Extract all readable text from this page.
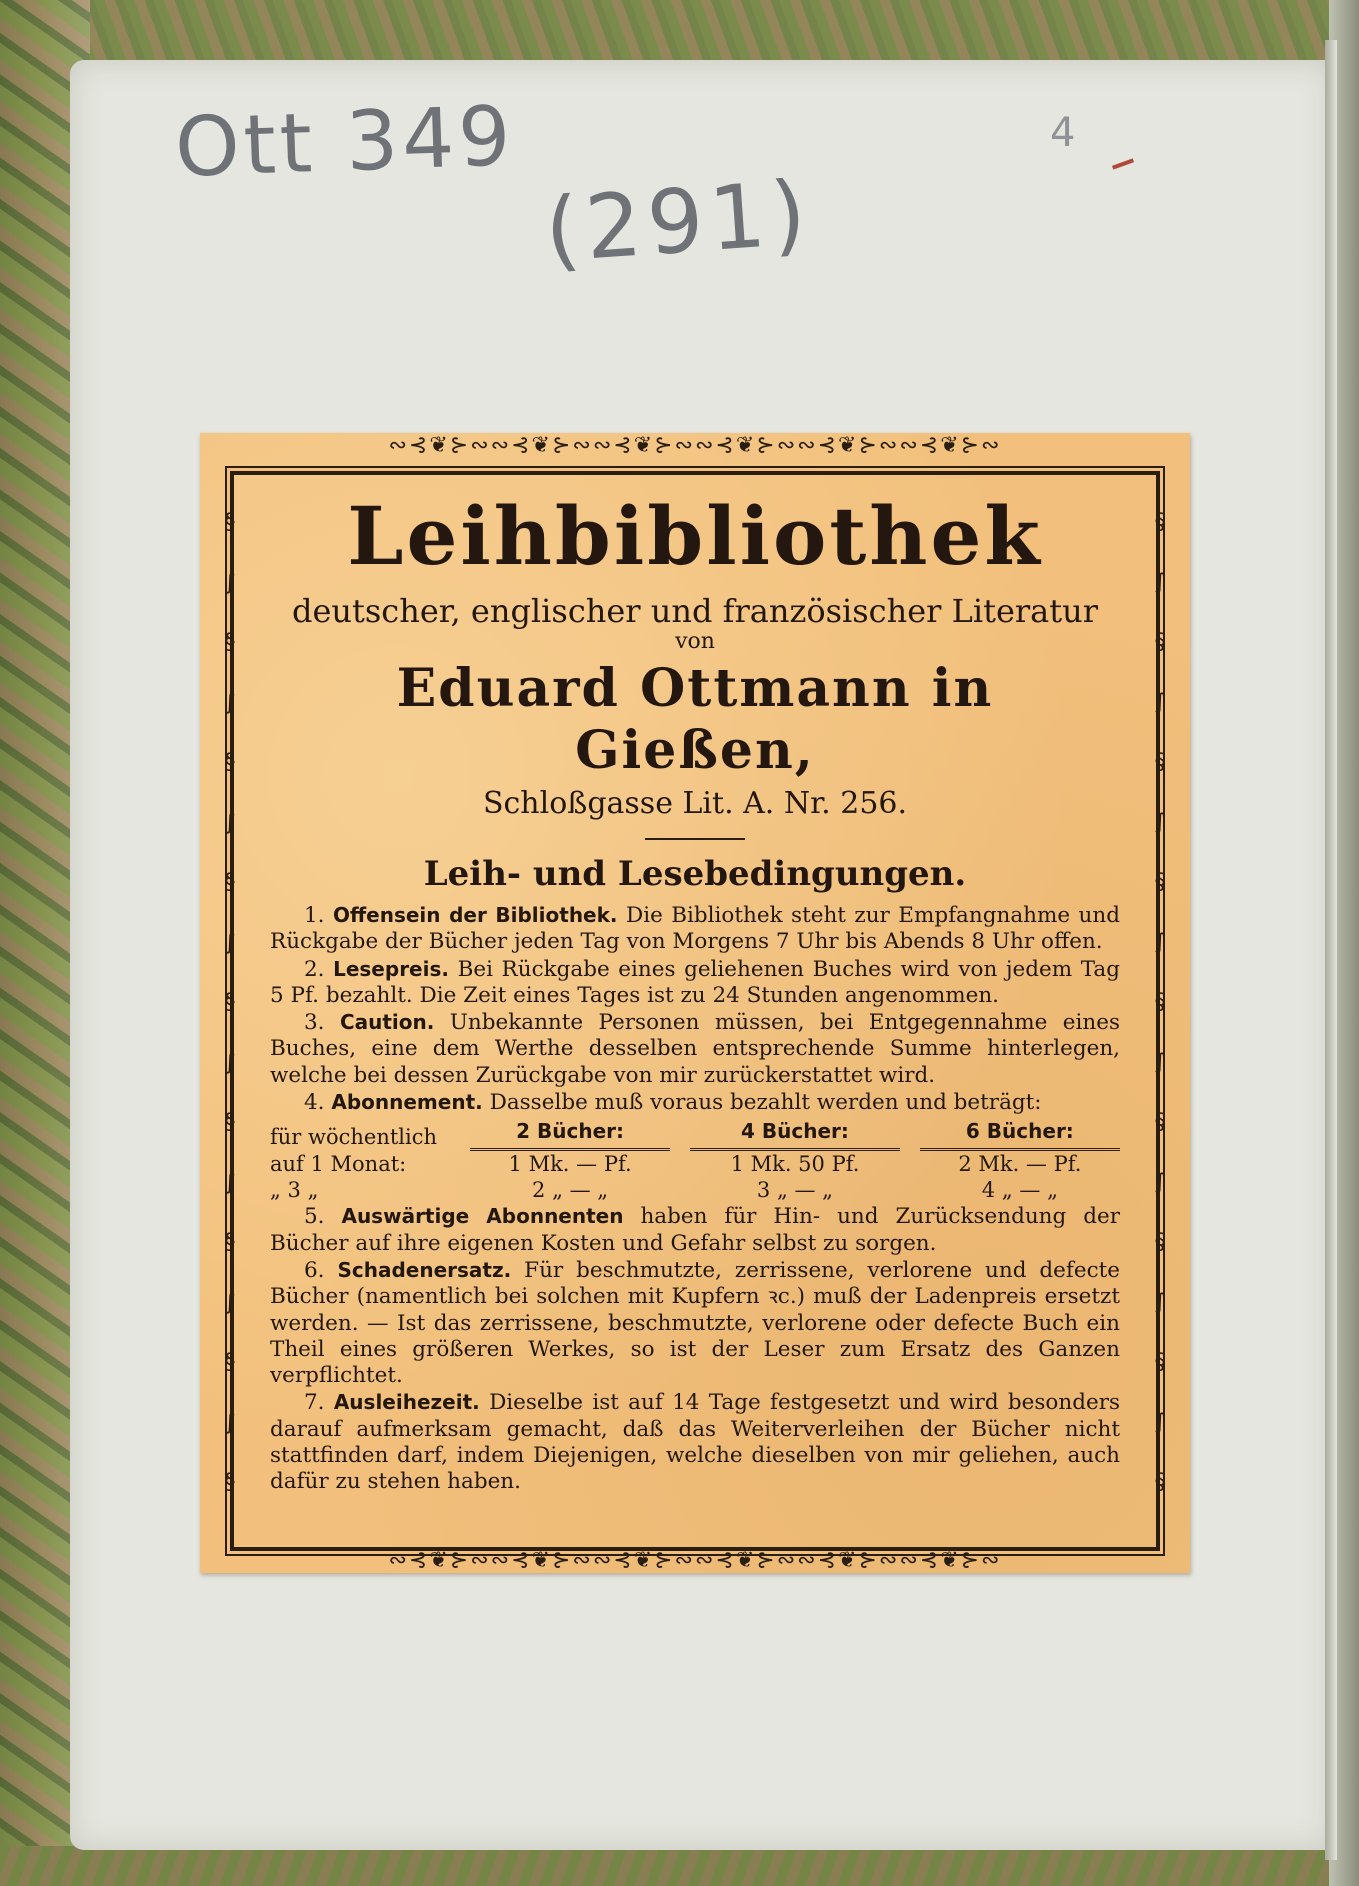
Ott 349
(291)
4
∾⊰❦⊱∾∾⊰❦⊱∾∾⊰❦⊱∾∾⊰❦⊱∾∾⊰❦⊱∾∾⊰❦⊱∾
∾⊰❦⊱∾∾⊰❦⊱∾∾⊰❦⊱∾∾⊰❦⊱∾∾⊰❦⊱∾∾⊰❦⊱∾
§
∫
§
∫
§
∫
§
∫
§
∫
§
∫
§
∫
§
∫
§
§
∫
§
∫
§
∫
§
∫
§
∫
§
∫
§
∫
§
∫
§
Leihbibliothek

deutscher, englischer und französischer Literatur

von

Eduard Ottmann in Gießen,

Schloßgasse Lit. A. Nr. 256.

Leih- und Lesebedingungen.

1. Offensein der Bibliothek. Die Bibliothek steht zur Empfangnahme und Rückgabe der Bücher jeden Tag von Morgens 7 Uhr bis Abends 8 Uhr offen.

2. Lesepreis. Bei Rückgabe eines geliehenen Buches wird von jedem Tag 5 Pf. bezahlt. Die Zeit eines Tages ist zu 24 Stunden angenommen.

3. Caution. Unbekannte Personen müssen, bei Entgegennahme eines Buches, eine dem Werthe desselben entsprechende Summe hinterlegen, welche bei dessen Zurückgabe von mir zurückerstattet wird.

4. Abonnement. Dasselbe muß voraus bezahlt werden und beträgt:

für wöchentlich	2 Bücher:		4 Bücher:		6 Bücher:
auf 1 Monat:	1 Mk. — Pf.		1 Mk. 50 Pf.		2 Mk. — Pf.
„ 3 „	2 „ — „		3 „ — „		4 „ — „

5. Auswärtige Abonnenten haben für Hin- und Zurücksendung der Bücher auf ihre eigenen Kosten und Gefahr selbst zu sorgen.

6. Schadenersatz. Für beschmutzte, zerrissene, verlorene und defecte Bücher (namentlich bei solchen mit Kupfern ꝛc.) muß der Ladenpreis ersetzt werden. — Ist das zerrissene, beschmutzte, verlorene oder defecte Buch ein Theil eines größeren Werkes, so ist der Leser zum Ersatz des Ganzen verpflichtet.

7. Ausleihezeit. Dieselbe ist auf 14 Tage festgesetzt und wird besonders darauf aufmerksam gemacht, daß das Weiterverleihen der Bücher nicht stattfinden darf, indem Diejenigen, welche dieselben von mir geliehen, auch dafür zu stehen haben.
